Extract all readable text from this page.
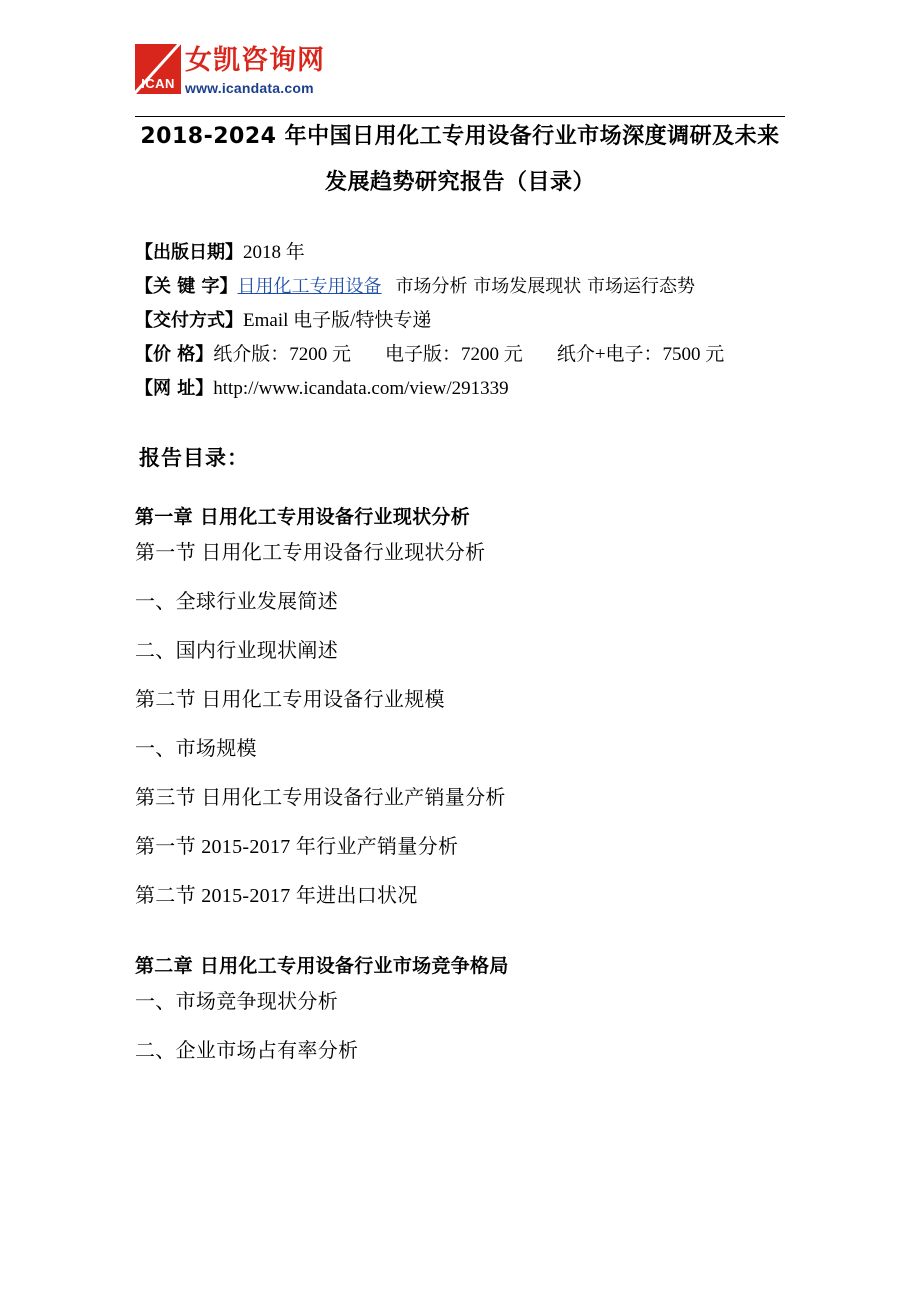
ICAN
女凯咨询网
www.icandata.com
2018-2024 年中国日用化工专用设备行业市场深度调研及未来发展趋势研究报告（目录）
【出版日期】2018 年
【关 键 字】日用化工专用设备 市场分析 市场发展现状 市场运行态势
【交付方式】Email 电子版/特快专递
【价 格】纸介版：7200 元 电子版：7200 元 纸介+电子：7500 元
【网 址】http://www.icandata.com/view/291339
报告目录：
第一章 日用化工专用设备行业现状分析
第一节 日用化工专用设备行业现状分析
一、全球行业发展简述
二、国内行业现状阐述
第二节 日用化工专用设备行业规模
一、市场规模
第三节 日用化工专用设备行业产销量分析
第一节 2015-2017 年行业产销量分析
第二节 2015-2017 年进出口状况
第二章 日用化工专用设备行业市场竞争格局
一、市场竞争现状分析
二、企业市场占有率分析
